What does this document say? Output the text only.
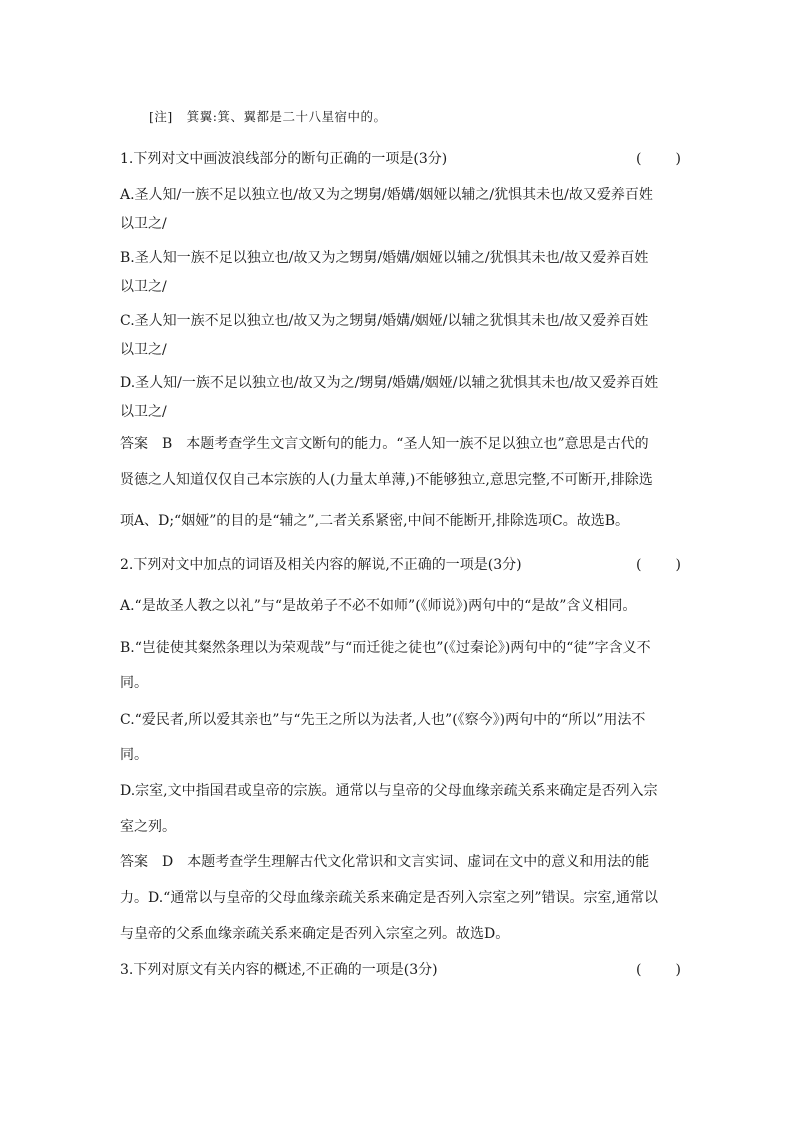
[注] 箕翼:箕、翼都是二十八星宿中的。
1.下列对文中画波浪线部分的断句正确的一项是(3分)	(　　)
A.圣人知/一族不足以独立也/故又为之甥舅/婚媾/姻娅以辅之/犹惧其未也/故又爱养百姓
以卫之/
B.圣人知一族不足以独立也/故又为之甥舅/婚媾/姻娅以辅之/犹惧其未也/故又爱养百姓
以卫之/
C.圣人知一族不足以独立也/故又为之甥舅/婚媾/姻娅/以辅之犹惧其未也/故又爱养百姓
以卫之/
D.圣人知/一族不足以独立也/故又为之/甥舅/婚媾/姻娅/以辅之犹惧其未也/故又爱养百姓
以卫之/
答案 B 本题考查学生文言文断句的能力。“圣人知一族不足以独立也”意思是古代的
贤德之人知道仅仅自己本宗族的人(力量太单薄,)不能够独立,意思完整,不可断开,排除选
项A、D;“姻娅”的目的是“辅之”,二者关系紧密,中间不能断开,排除选项C。故选B。
2.下列对文中加点的词语及相关内容的解说,不正确的一项是(3分)	(　　)
A.“是故圣人教之以礼”与“是故弟子不必不如师”(《师说》)两句中的“是故”含义相同。
B.“岂徒使其粲然条理以为荣观哉”与“而迁徙之徒也”(《过秦论》)两句中的“徒”字含义不
同。
C.“爱民者,所以爱其亲也”与“先王之所以为法者,人也”(《察今》)两句中的“所以”用法不
同。
D.宗室,文中指国君或皇帝的宗族。通常以与皇帝的父母血缘亲疏关系来确定是否列入宗
室之列。
答案 D 本题考查学生理解古代文化常识和文言实词、虚词在文中的意义和用法的能
力。D.“通常以与皇帝的父母血缘亲疏关系来确定是否列入宗室之列”错误。宗室,通常以
与皇帝的父系血缘亲疏关系来确定是否列入宗室之列。故选D。
3.下列对原文有关内容的概述,不正确的一项是(3分)	(　　)
